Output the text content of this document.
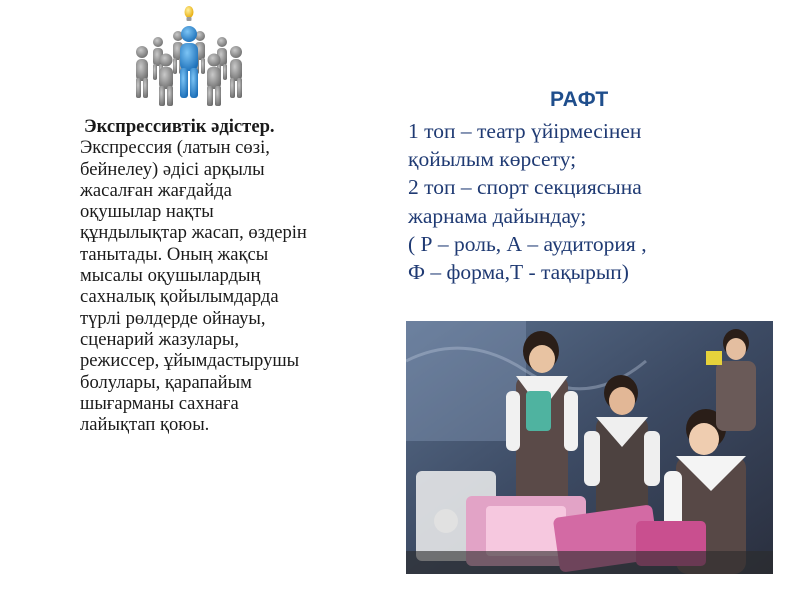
Экспрессивтік әдістер.
Экспрессия (латын сөзі,
бейнелеу) әдісі арқылы
жасалған жағдайда
оқушылар нақты
құндылықтар жасап, өздерін
танытады. Оның жақсы
мысалы оқушылардың
сахналық қойылымдарда
түрлі рөлдерде ойнауы,
сценарий жазулары,
режиссер, ұйымдастырушы
болулары, қарапайым
шығарманы сахнаға
лайықтап қоюы.
РАФТ
1 топ – театр үйірмесінен
қойылым көрсету;
2 топ – спорт секциясына
жарнама дайындау;
( Р – роль, А – аудитория ,
Ф – форма,Т - тақырып)
